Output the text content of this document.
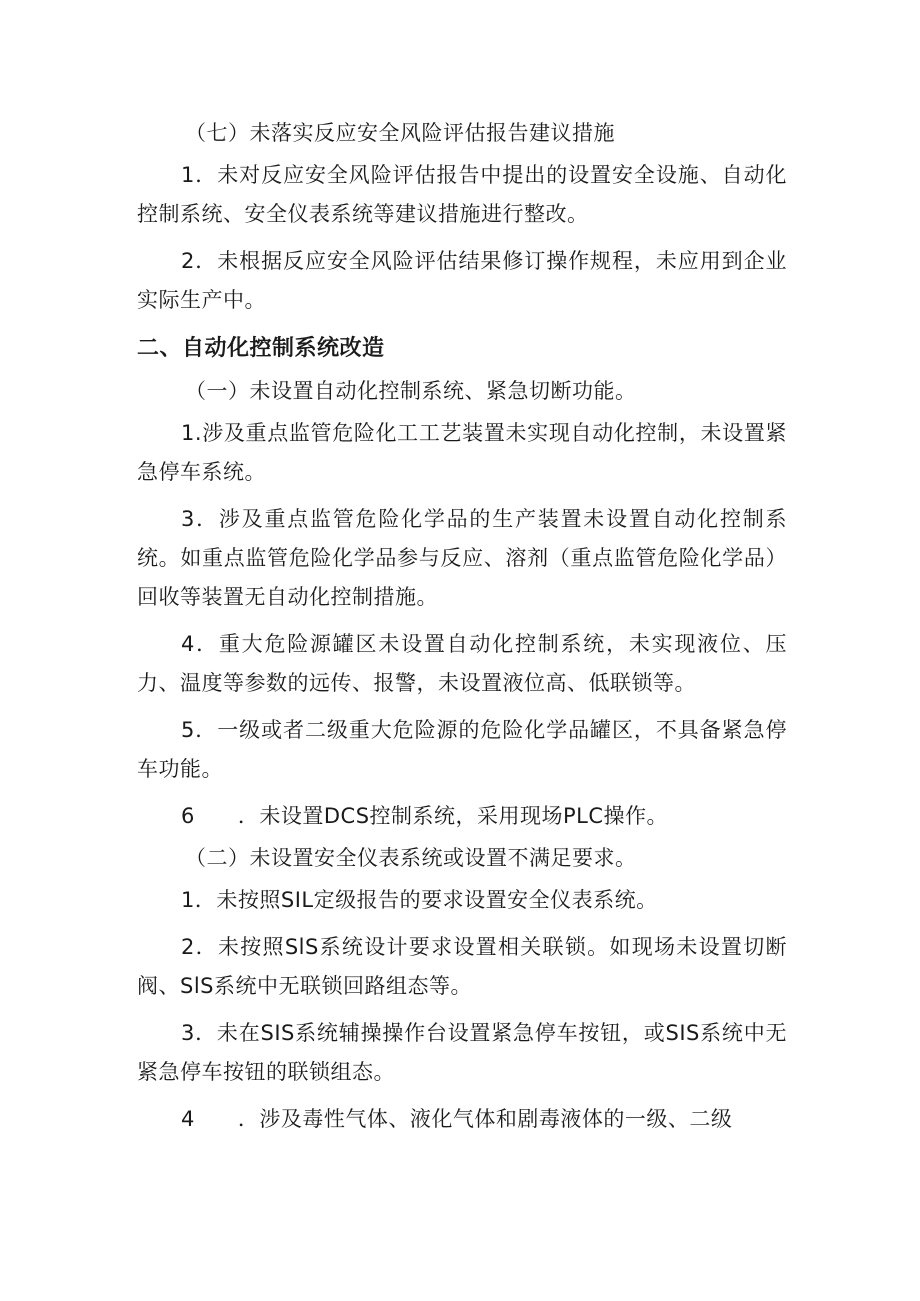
（七）未落实反应安全风险评估报告建议措施

1．未对反应安全风险评估报告中提出的设置安全设施、自动化控制系统、安全仪表系统等建议措施进行整改。

2．未根据反应安全风险评估结果修订操作规程，未应用到企业实际生产中。

二、自动化控制系统改造

（一）未设置自动化控制系统、紧急切断功能。

1.涉及重点监管危险化工工艺装置未实现自动化控制，未设置紧急停车系统。

3．涉及重点监管危险化学品的生产装置未设置自动化控制系统。如重点监管危险化学品参与反应、溶剂（重点监管危险化学品）回收等装置无自动化控制措施。

4．重大危险源罐区未设置自动化控制系统，未实现液位、压力、温度等参数的远传、报警，未设置液位高、低联锁等。

5．一级或者二级重大危险源的危险化学品罐区，不具备紧急停车功能。

6　　．未设置DCS控制系统，采用现场PLC操作。

（二）未设置安全仪表系统或设置不满足要求。

1．未按照SIL定级报告的要求设置安全仪表系统。

2．未按照SlS系统设计要求设置相关联锁。如现场未设置切断阀、SlS系统中无联锁回路组态等。

3．未在SIS系统辅操操作台设置紧急停车按钮，或SIS系统中无紧急停车按钮的联锁组态。

4　　．涉及毒性气体、液化气体和剧毒液体的一级、二级
